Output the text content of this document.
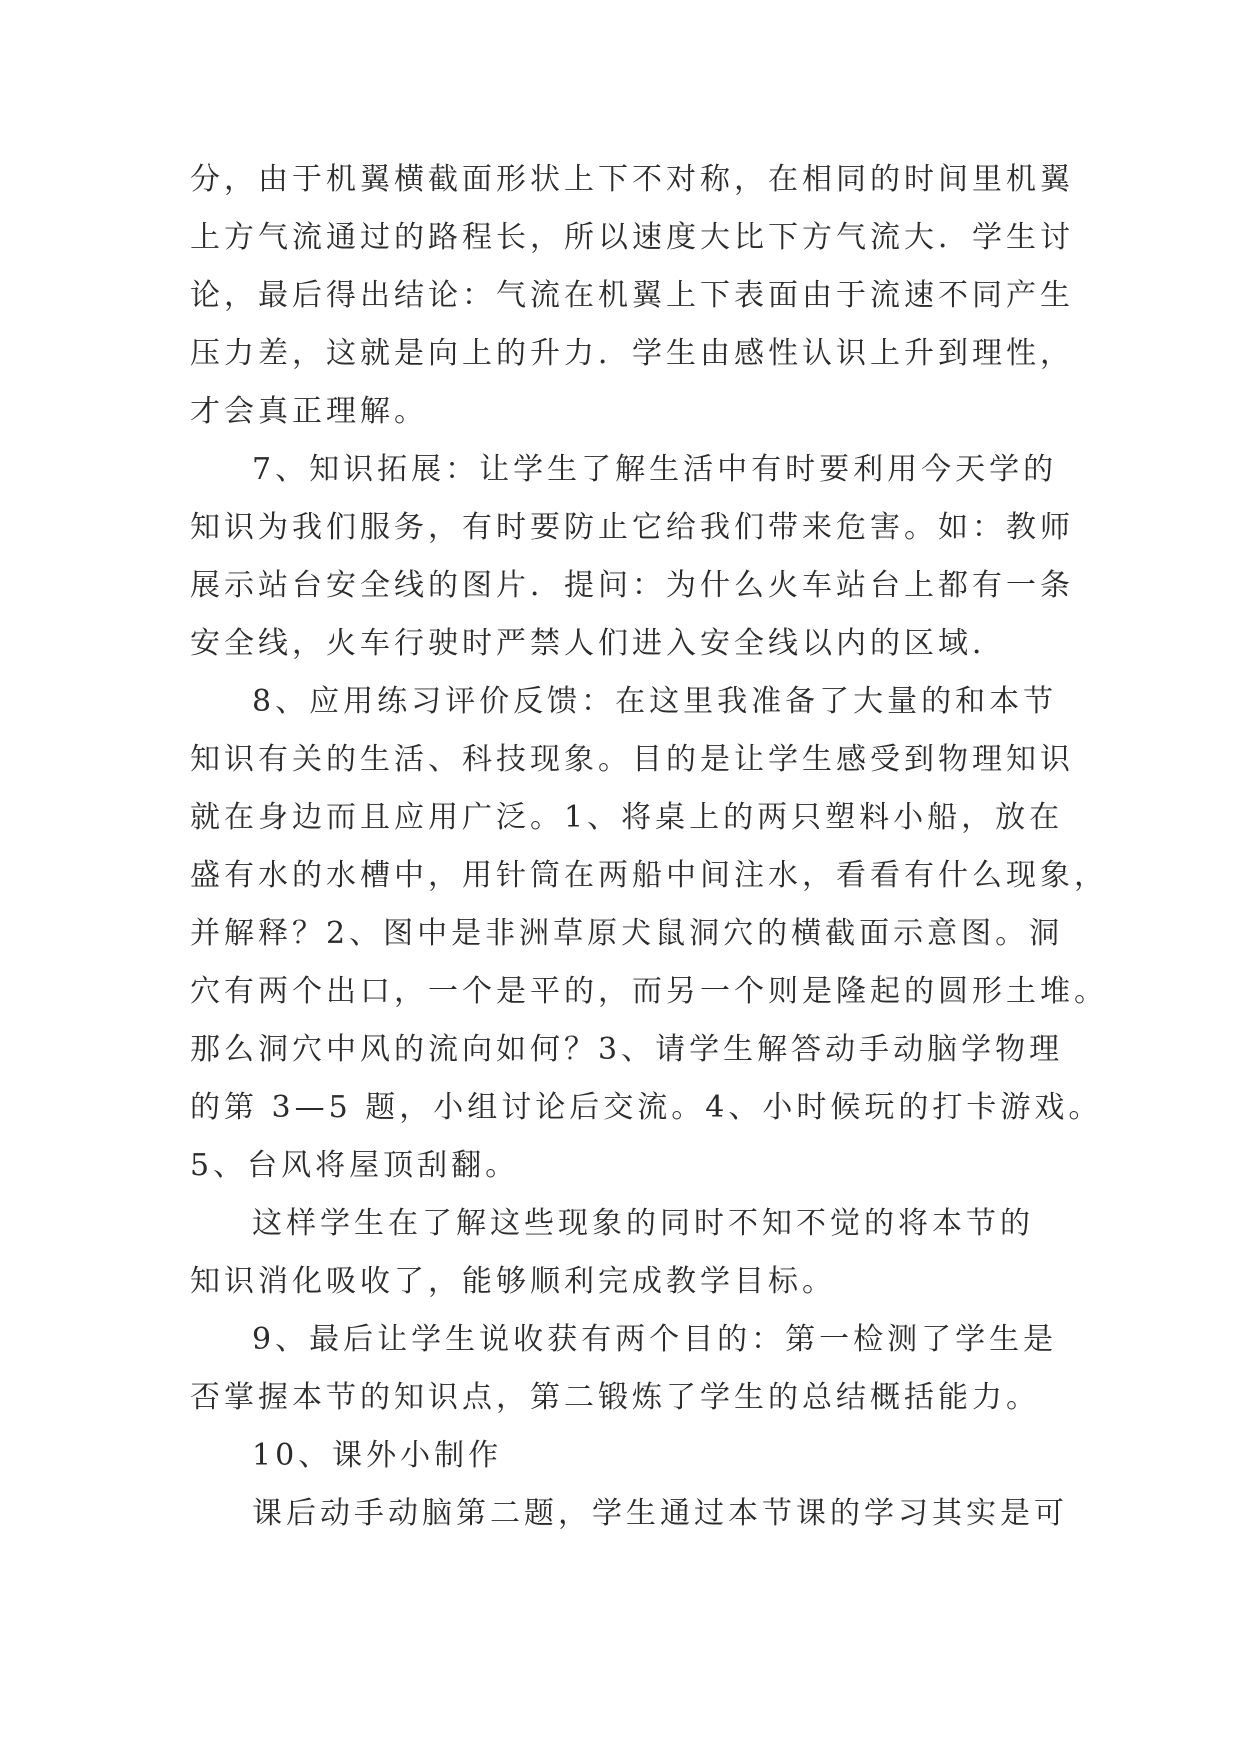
分，由于机翼横截面形状上下不对称，在相同的时间里机翼
上方气流通过的路程长，所以速度大比下方气流大．学生讨
论，最后得出结论：气流在机翼上下表面由于流速不同产生
压力差，这就是向上的升力．学生由感性认识上升到理性，
才会真正理解。
7、知识拓展：让学生了解生活中有时要利用今天学的
知识为我们服务，有时要防止它给我们带来危害。如：教师
展示站台安全线的图片．提问：为什么火车站台上都有一条
安全线，火车行驶时严禁人们进入安全线以内的区域．
8、应用练习评价反馈：在这里我准备了大量的和本节
知识有关的生活、科技现象。目的是让学生感受到物理知识
就在身边而且应用广泛。1、将桌上的两只塑料小船，放在
盛有水的水槽中，用针筒在两船中间注水，看看有什么现象，
并解释？2、图中是非洲草原犬鼠洞穴的横截面示意图。洞
穴有两个出口，一个是平的，而另一个则是隆起的圆形土堆。
那么洞穴中风的流向如何？3、请学生解答动手动脑学物理
的第 3—5 题，小组讨论后交流。4、小时候玩的打卡游戏。
5、台风将屋顶刮翻。
这样学生在了解这些现象的同时不知不觉的将本节的
知识消化吸收了，能够顺利完成教学目标。
9、最后让学生说收获有两个目的：第一检测了学生是
否掌握本节的知识点，第二锻炼了学生的总结概括能力。
10、课外小制作
课后动手动脑第二题，学生通过本节课的学习其实是可
